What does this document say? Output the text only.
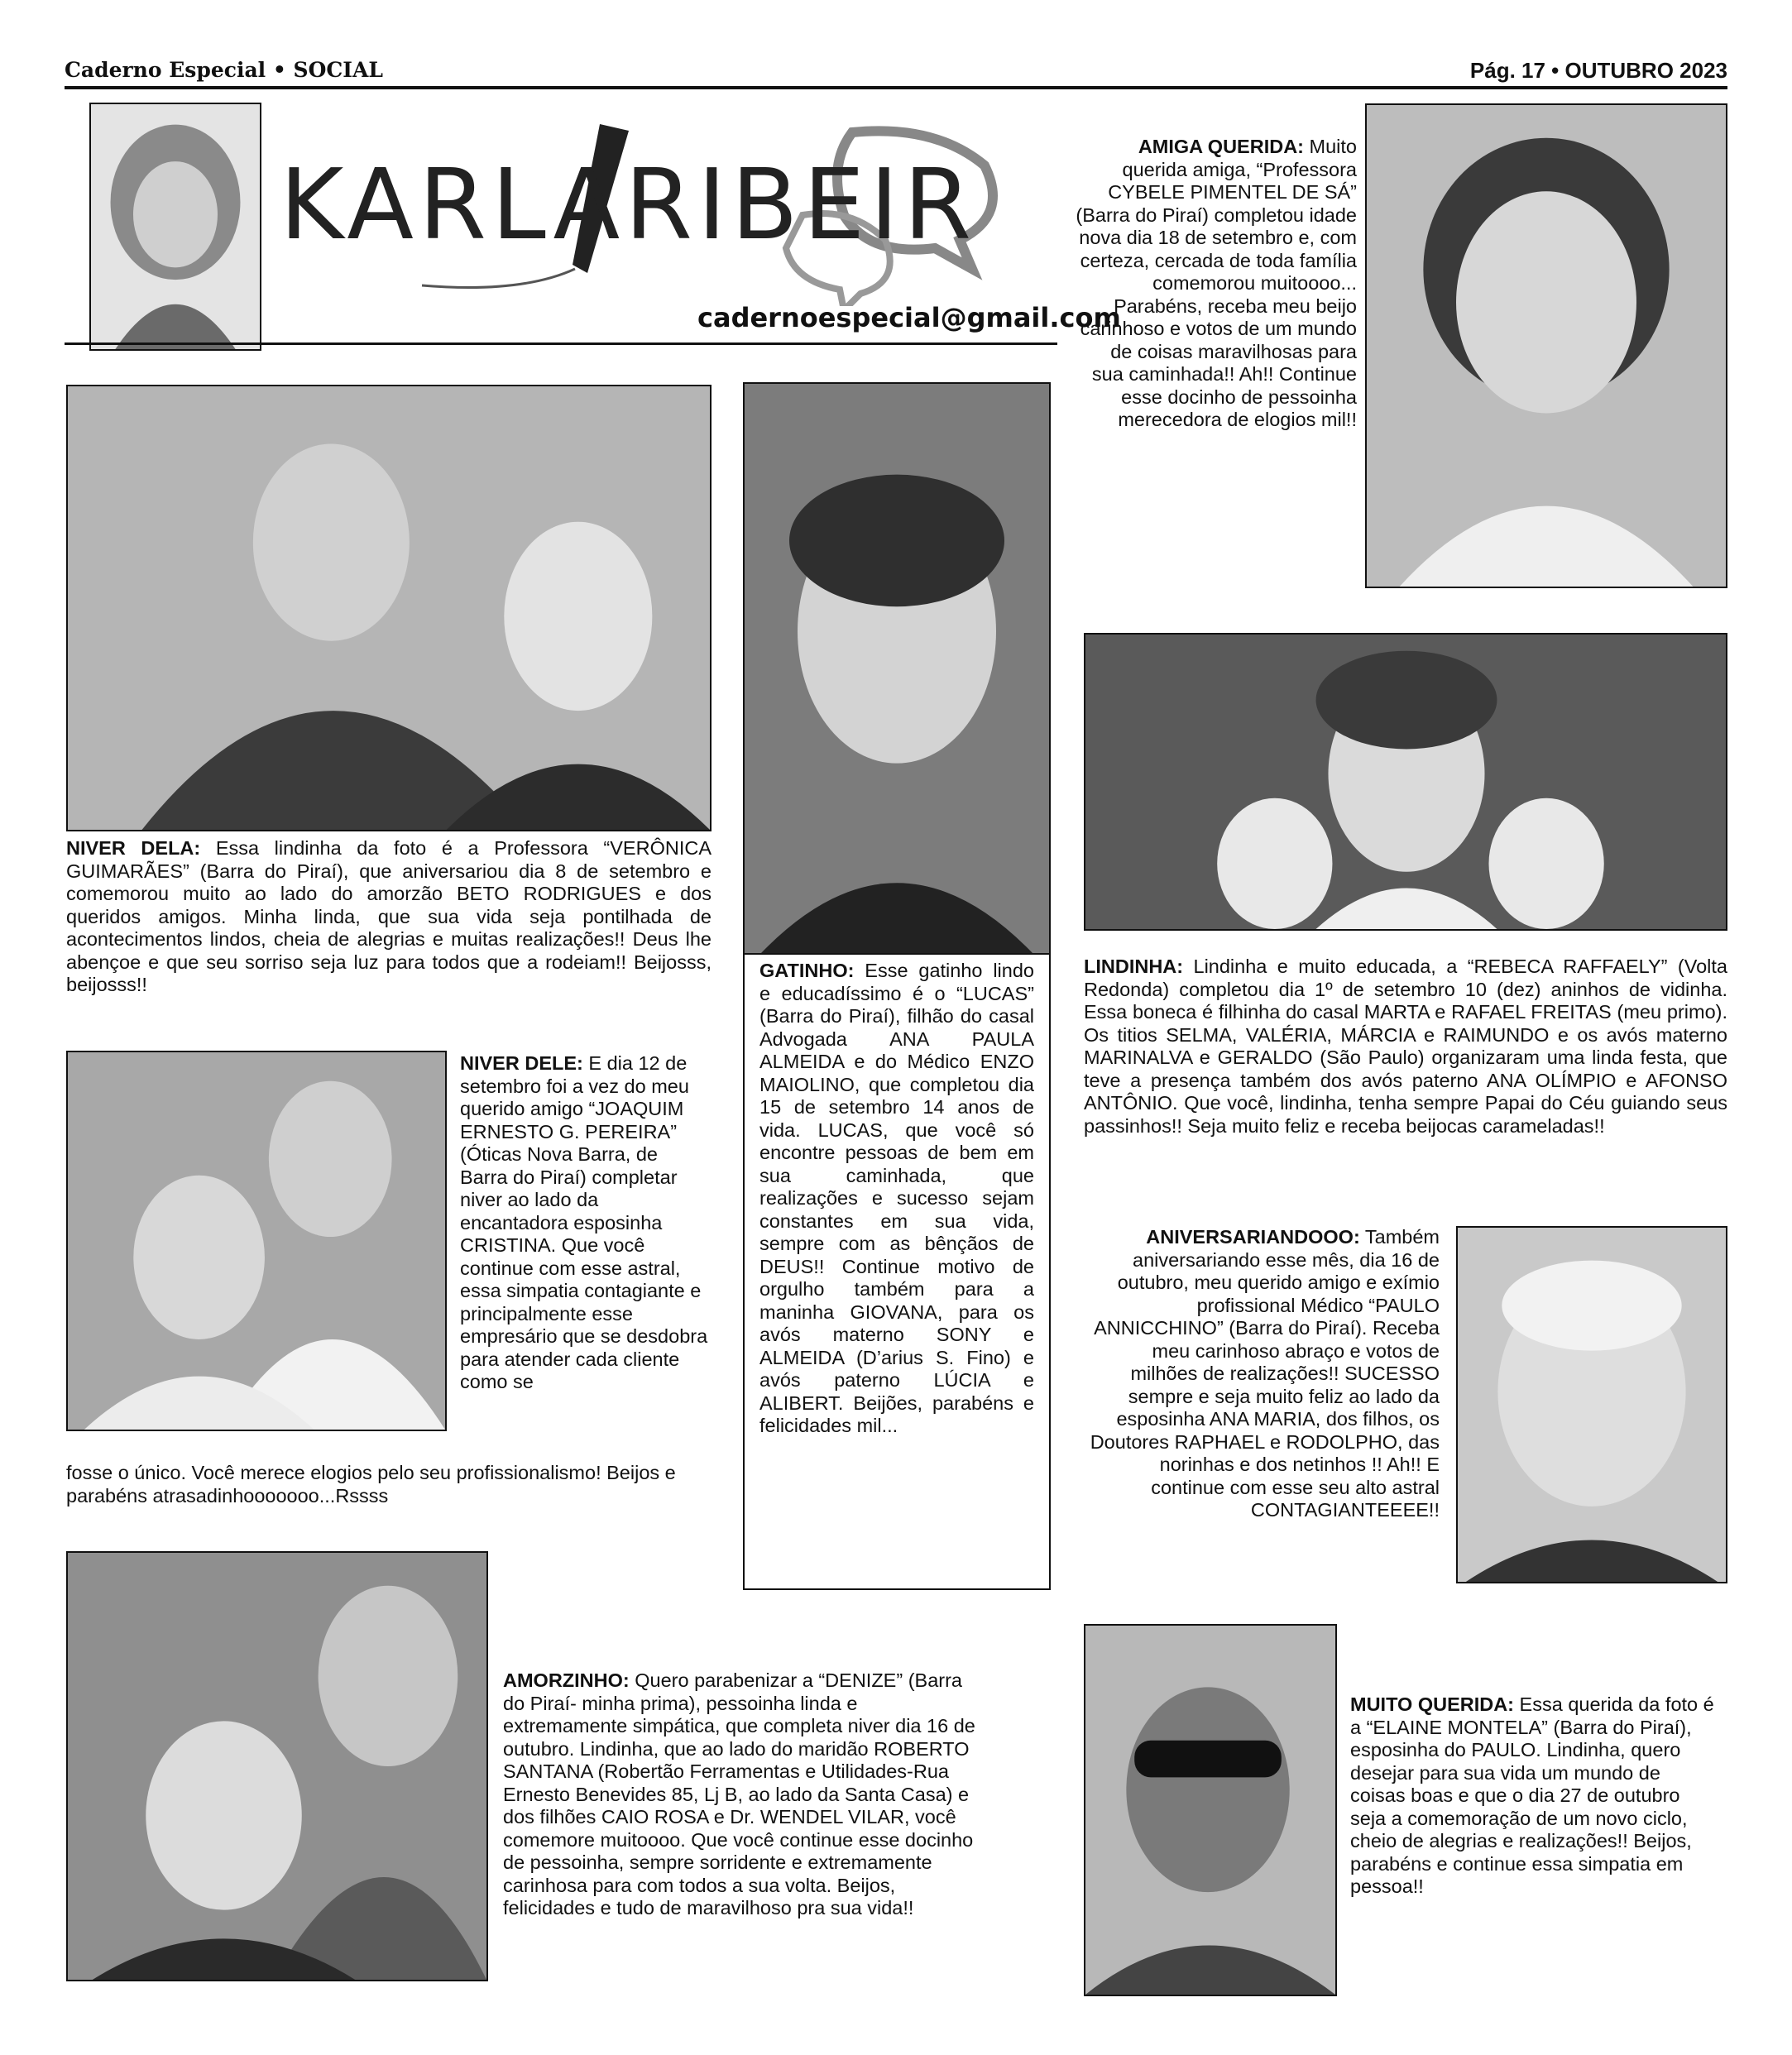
Caderno Especial • SOCIAL	Pág. 17 • OUTUBRO 2023
KARLA RIBEIR
cadernoespecial@gmail.com
AMIGA QUERIDA: Muito querida amiga, “Professora CYBELE PIMENTEL DE SÁ” (Barra do Piraí) completou idade nova dia 18 de setembro e, com certeza, cercada de toda família comemorou muitoooo... Parabéns, receba meu beijo carinhoso e votos de um mundo de coisas maravilhosas para sua caminhada!! Ah!! Continue esse docinho de pessoinha merecedora de elogios mil!!
NIVER DELA: Essa lindinha da foto é a Professora “VERÔNICA GUIMARÃES” (Barra do Piraí), que aniversariou dia 8 de setembro e comemorou muito ao lado do amorzão BETO RODRIGUES e dos queridos amigos. Minha linda, que sua vida seja pontilhada de acontecimentos lindos, cheia de alegrias e muitas realizações!! Deus lhe abençoe e que seu sorriso seja luz para todos que a rodeiam!! Beijosss, beijosss!!
GATINHO: Esse gatinho lindo e educadíssimo é o “LUCAS” (Barra do Piraí), filhão do casal Advogada ANA PAULA ALMEIDA e do Médico ENZO MAIOLINO, que completou dia 15 de setembro 14 anos de vida. LUCAS, que você só encontre pessoas de bem em sua caminhada, que realizações e sucesso sejam constantes em sua vida, sempre com as bênçãos de DEUS!! Continue motivo de orgulho também para a maninha GIOVANA, para os avós materno SONY e ALMEIDA (D’arius S. Fino) e avós paterno LÚCIA e ALIBERT. Beijões, parabéns e felicidades mil...
LINDINHA: Lindinha e muito educada, a “REBECA RAFFAELY” (Volta Redonda) completou dia 1º de setembro 10 (dez) aninhos de vidinha. Essa boneca é filhinha do casal MARTA e RAFAEL FREITAS (meu primo). Os titios SELMA, VALÉRIA, MÁRCIA e RAIMUNDO e os avós materno MARINALVA e GERALDO (São Paulo) organizaram uma linda festa, que teve a presença também dos avós paterno ANA OLÍMPIO e AFONSO ANTÔNIO. Que você, lindinha, tenha sempre Papai do Céu guiando seus passinhos!! Seja muito feliz e receba beijocas carameladas!!
NIVER DELE: E dia 12 de setembro foi a vez do meu querido amigo “JOAQUIM ERNESTO G. PEREIRA” (Óticas Nova Barra, de Barra do Piraí) completar niver ao lado da encantadora esposinha CRISTINA. Que você continue com esse astral, essa simpatia contagiante e principalmente esse empresário que se desdobra para atender cada cliente como se
fosse o único. Você merece elogios pelo seu profissionalismo! Beijos e parabéns atrasadinhooooooo...Rssss
ANIVERSARIANDOOO: Também aniversariando esse mês, dia 16 de outubro, meu querido amigo e exímio profissional Médico “PAULO ANNICCHINO” (Barra do Piraí). Receba meu carinhoso abraço e votos de milhões de realizações!! SUCESSO sempre e seja muito feliz ao lado da esposinha ANA MARIA, dos filhos, os Doutores RAPHAEL e RODOLPHO, das norinhas e dos netinhos !! Ah!! E continue com esse seu alto astral CONTAGIANTEEEE!!
AMORZINHO: Quero parabenizar a “DENIZE” (Barra do Piraí- minha prima), pessoinha linda e extremamente simpática, que completa niver dia 16 de outubro. Lindinha, que ao lado do maridão ROBERTO SANTANA (Robertão Ferramentas e Utilidades-Rua Ernesto Benevides 85, Lj B, ao lado da Santa Casa) e dos filhões CAIO ROSA e Dr. WENDEL VILAR, você comemore muitoooo. Que você continue esse docinho de pessoinha, sempre sorridente e extremamente carinhosa para com todos a sua volta. Beijos, felicidades e tudo de maravilhoso pra sua vida!!
MUITO QUERIDA: Essa querida da foto é a “ELAINE MONTELA” (Barra do Piraí), esposinha do PAULO. Lindinha, quero desejar para sua vida um mundo de coisas boas e que o dia 27 de outubro seja a comemoração de um novo ciclo, cheio de alegrias e realizações!! Beijos, parabéns e continue essa simpatia em pessoa!!
